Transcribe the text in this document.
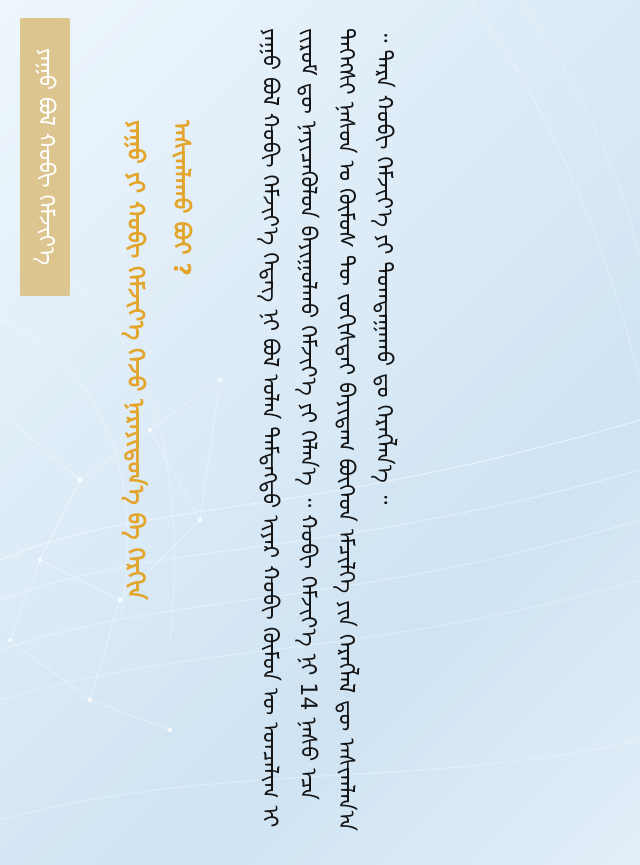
ᠶᠠᠭᠤ ᠪᠣᠯ ᠬᠤᠪᠢ ᠬᠡᠮᠵᠢᠶ᠎ᠡ	ᠶᠠᠭᠤ ᠶᠢ ᠬᠤᠪᠢ ᠬᠡᠮᠵᠢᠶ᠎ᠡ ᠭᠡᠵᠦ ᠨᠡᠷᠡᠶᠢᠳᠦᠨ᠎ᠡ ᠪᠠ ᠬᠡᠷᠬᠢᠨ ᠠᠰᠢᠭᠯᠠᠬᠤ ᠪᠤᠢ ?	ᠶᠠᠭᠤ ᠪᠣᠯ ᠬᠤᠪᠢ ᠬᠡᠮᠵᠢᠶ᠎ᠡ ᠭᠡᠳᠡᠭ ᠨᠢ ᠪᠤᠯ ᠣᠯᠠᠨ ᠲᠡᠮᠳᠡᠭᠲᠦ ᠢᠶᠡᠷ ᠬᠤᠪᠢ ᠬᠦᠮᠦᠨ ᠦ ᠣᠨᠴᠠᠯᠢᠭ ᠢ ᠵᠢᠷᠤᠮ ᠳᠦ ᠨᠡᠶᠢᠴᠡᠭᠦᠯᠦᠨ ᠪᠠᠶᠢᠭᠤᠯᠬᠤ ᠬᠡᠮᠵᠢᠶ᠎ᠡ ᠶᠢ ᠬᠡᠯᠡᠨ᠎ᠡ ᠃ ᠬᠤᠪᠢ ᠬᠡᠮᠵᠢᠶ᠎ᠡ ᠨᠢ 14 ᠨᠠᠰᠤ ᠡᠴᠡ ᠳᠡᠭᠡᠭᠰᠢ ᠨᠠᠰᠤᠨ ᠤ ᠬᠦᠮᠦᠰ ᠲᠦ ᠵᠣᠬᠢᠰᠲᠠᠢ ᠪᠠᠶᠢᠳᠠᠭ ᠪᠥᠭᠡᠳ ᠡᠮᠴᠢᠯᠭᠡ ᠶᠢᠨ ᠬᠡᠷᠡᠭᠯᠡᠯ ᠳᠦ ᠠᠰᠢᠭᠯᠠᠨ᠎ᠠ ᠃ ᠲᠡᠷᠡ ᠬᠤᠪᠢ ᠬᠡᠮᠵᠢᠶ᠎ᠡ ᠶᠢ ᠲᠣᠭᠲᠠᠭᠠᠬᠤ ᠳᠤ ᠬᠡᠷᠡᠭᠯᠡᠨ᠎ᠡ ᠃
